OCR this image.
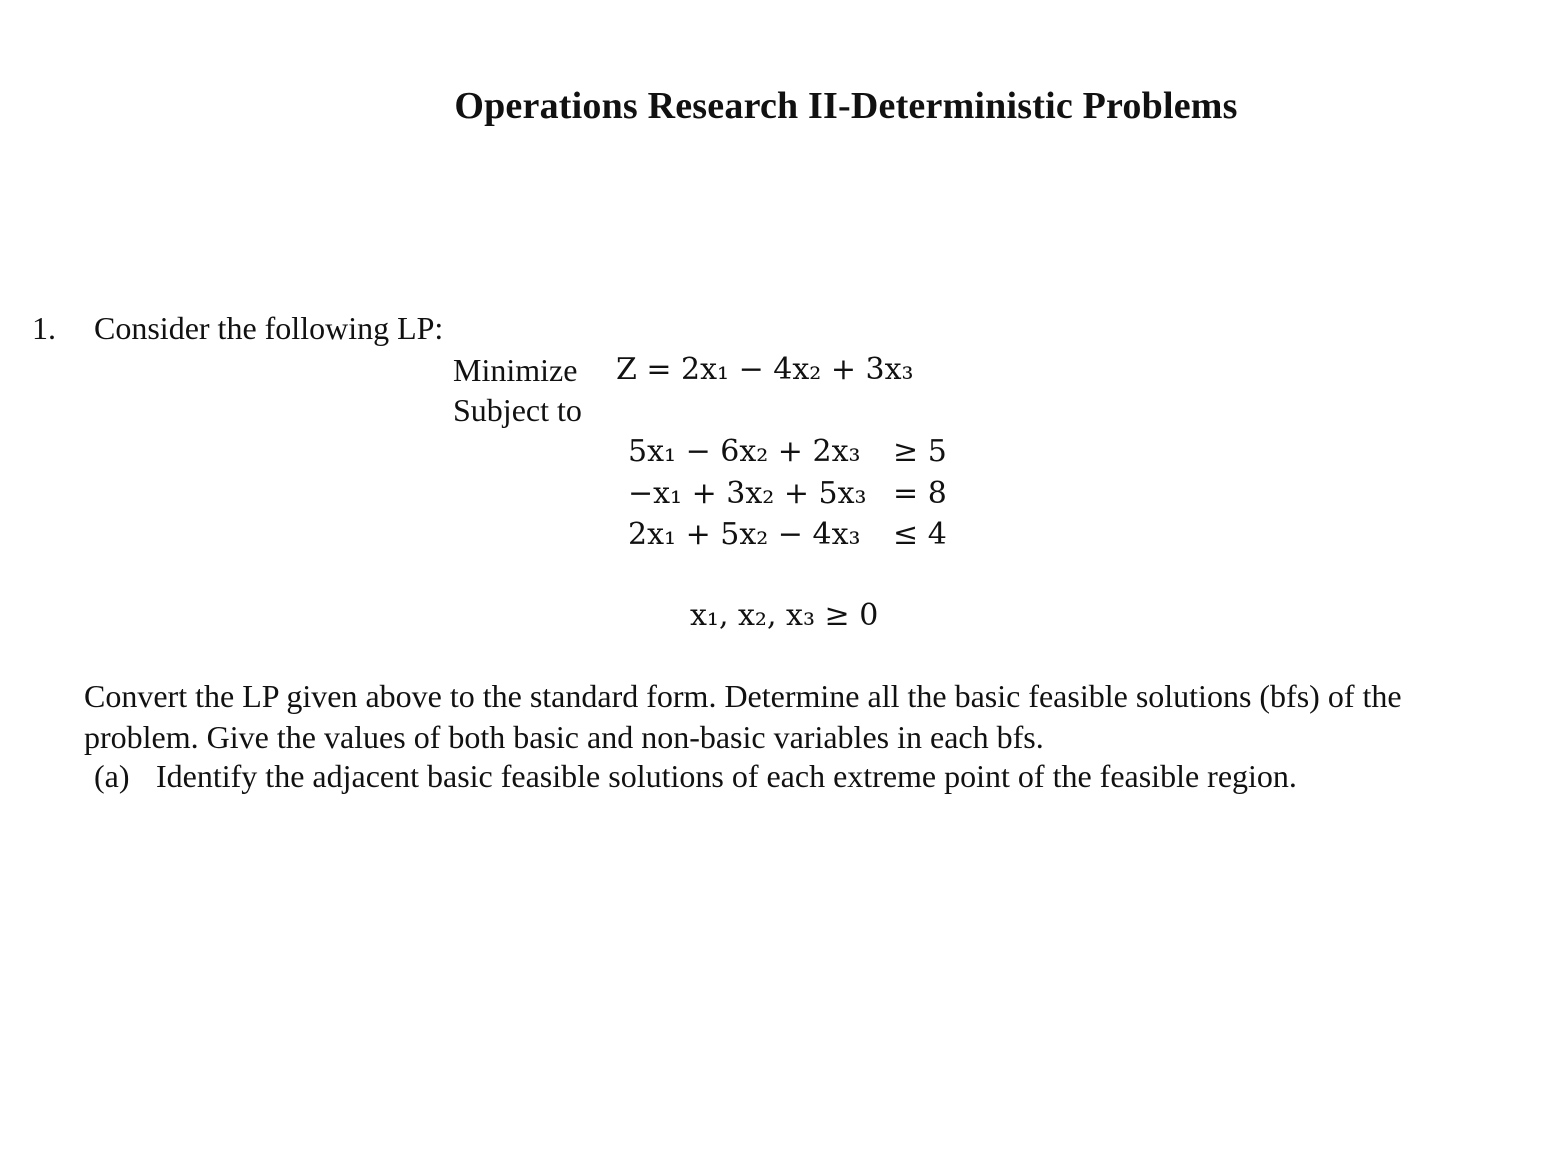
Operations Research II-Deterministic Problems
1. Consider the following LP:
Minimize Z = 2x₁ − 4x₂ + 3x₃
Subject to
5x₁ − 6x₂ + 2x₃	≥ 5
−x₁ + 3x₂ + 5x₃ = 8
2x₁ + 5x₂ − 4x₃	≤ 4
x₁, x₂, x₃ ≥ 0
Convert the LP given above to the standard form. Determine all the basic feasible solutions (bfs) of the problem. Give the values of both basic and non-basic variables in each bfs.
(a) Identify the adjacent basic feasible solutions of each extreme point of the feasible region.
